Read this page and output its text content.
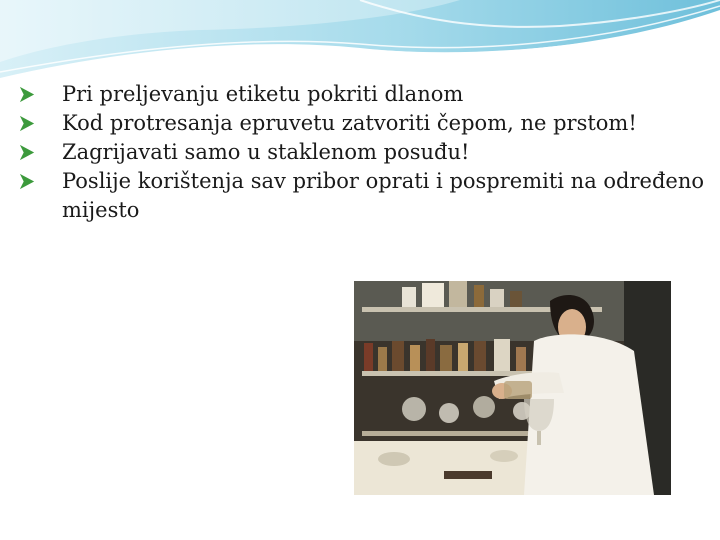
Pri preljevanju etiketu pokriti dlanom
Kod protresanja epruvetu zatvoriti čepom, ne prstom!
Zagrijavati samo u staklenom posuđu!
Poslije korištenja sav pribor oprati i pospremiti na određeno mijesto
